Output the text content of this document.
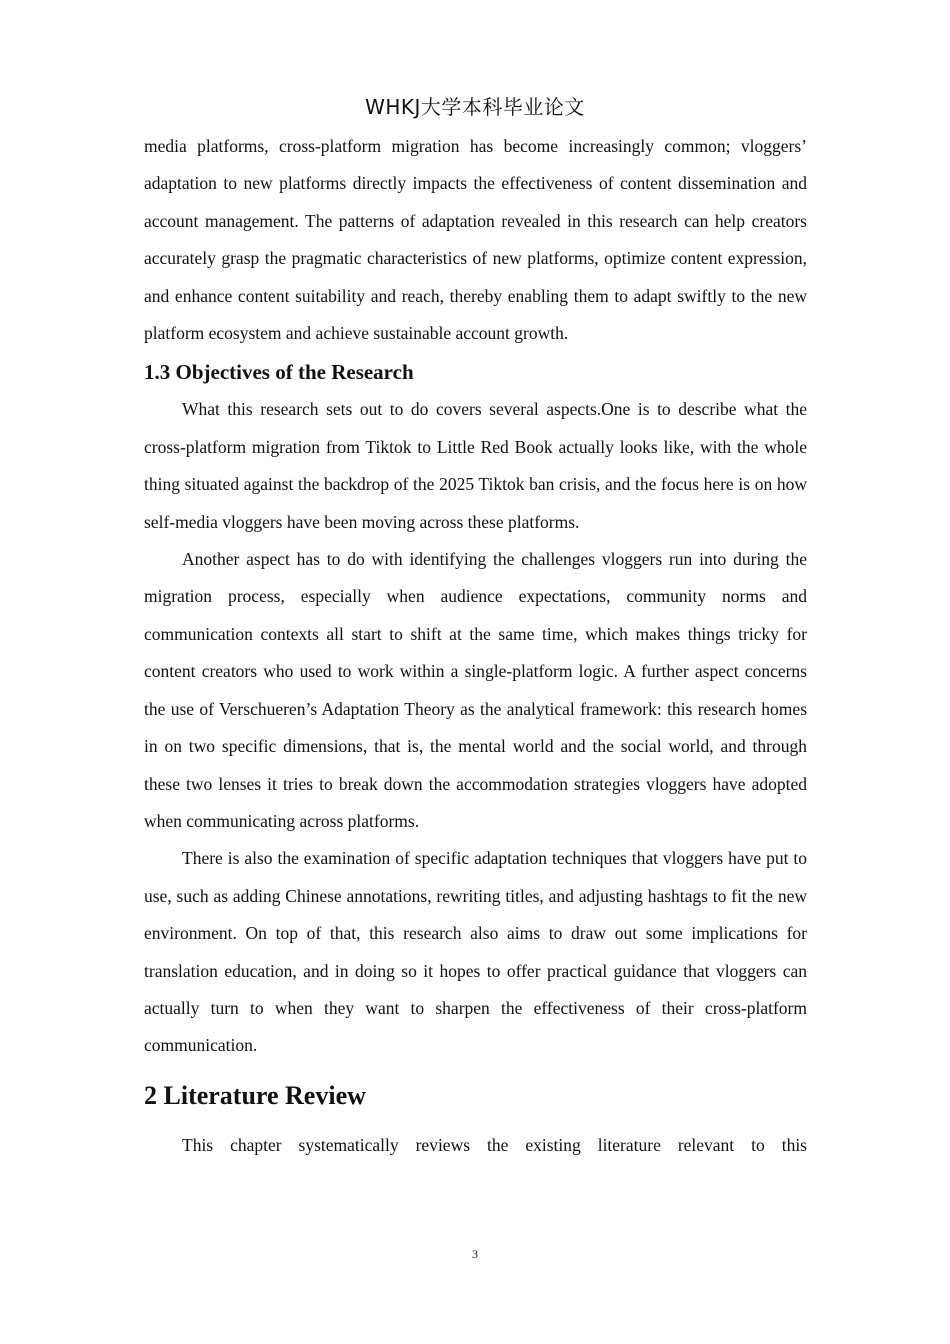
WHKJ大学本科毕业论文

media platforms, cross-platform migration has become increasingly common; vloggers’ adaptation to new platforms directly impacts the effectiveness of content dissemination and account management. The patterns of adaptation revealed in this research can help creators accurately grasp the pragmatic characteristics of new platforms, optimize content expression, and enhance content suitability and reach, thereby enabling them to adapt swiftly to the new platform ecosystem and achieve sustainable account growth.

1.3 Objectives of the Research

What this research sets out to do covers several aspects.One is to describe what the cross-platform migration from Tiktok to Little Red Book actually looks like, with the whole thing situated against the backdrop of the 2025 Tiktok ban crisis, and the focus here is on how self-media vloggers have been moving across these platforms.

Another aspect has to do with identifying the challenges vloggers run into during the migration process, especially when audience expectations, community norms and communication contexts all start to shift at the same time, which makes things tricky for content creators who used to work within a single-platform logic. A further aspect concerns the use of Verschueren’s Adaptation Theory as the analytical framework: this research homes in on two specific dimensions, that is, the mental world and the social world, and through these two lenses it tries to break down the accommodation strategies vloggers have adopted when communicating across platforms.

There is also the examination of specific adaptation techniques that vloggers have put to use, such as adding Chinese annotations, rewriting titles, and adjusting hashtags to fit the new environment. On top of that, this research also aims to draw out some implications for translation education, and in doing so it hopes to offer practical guidance that vloggers can actually turn to when they want to sharpen the effectiveness of their cross-platform communication.

2 Literature Review

This chapter systematically reviews the existing literature relevant to this

3
